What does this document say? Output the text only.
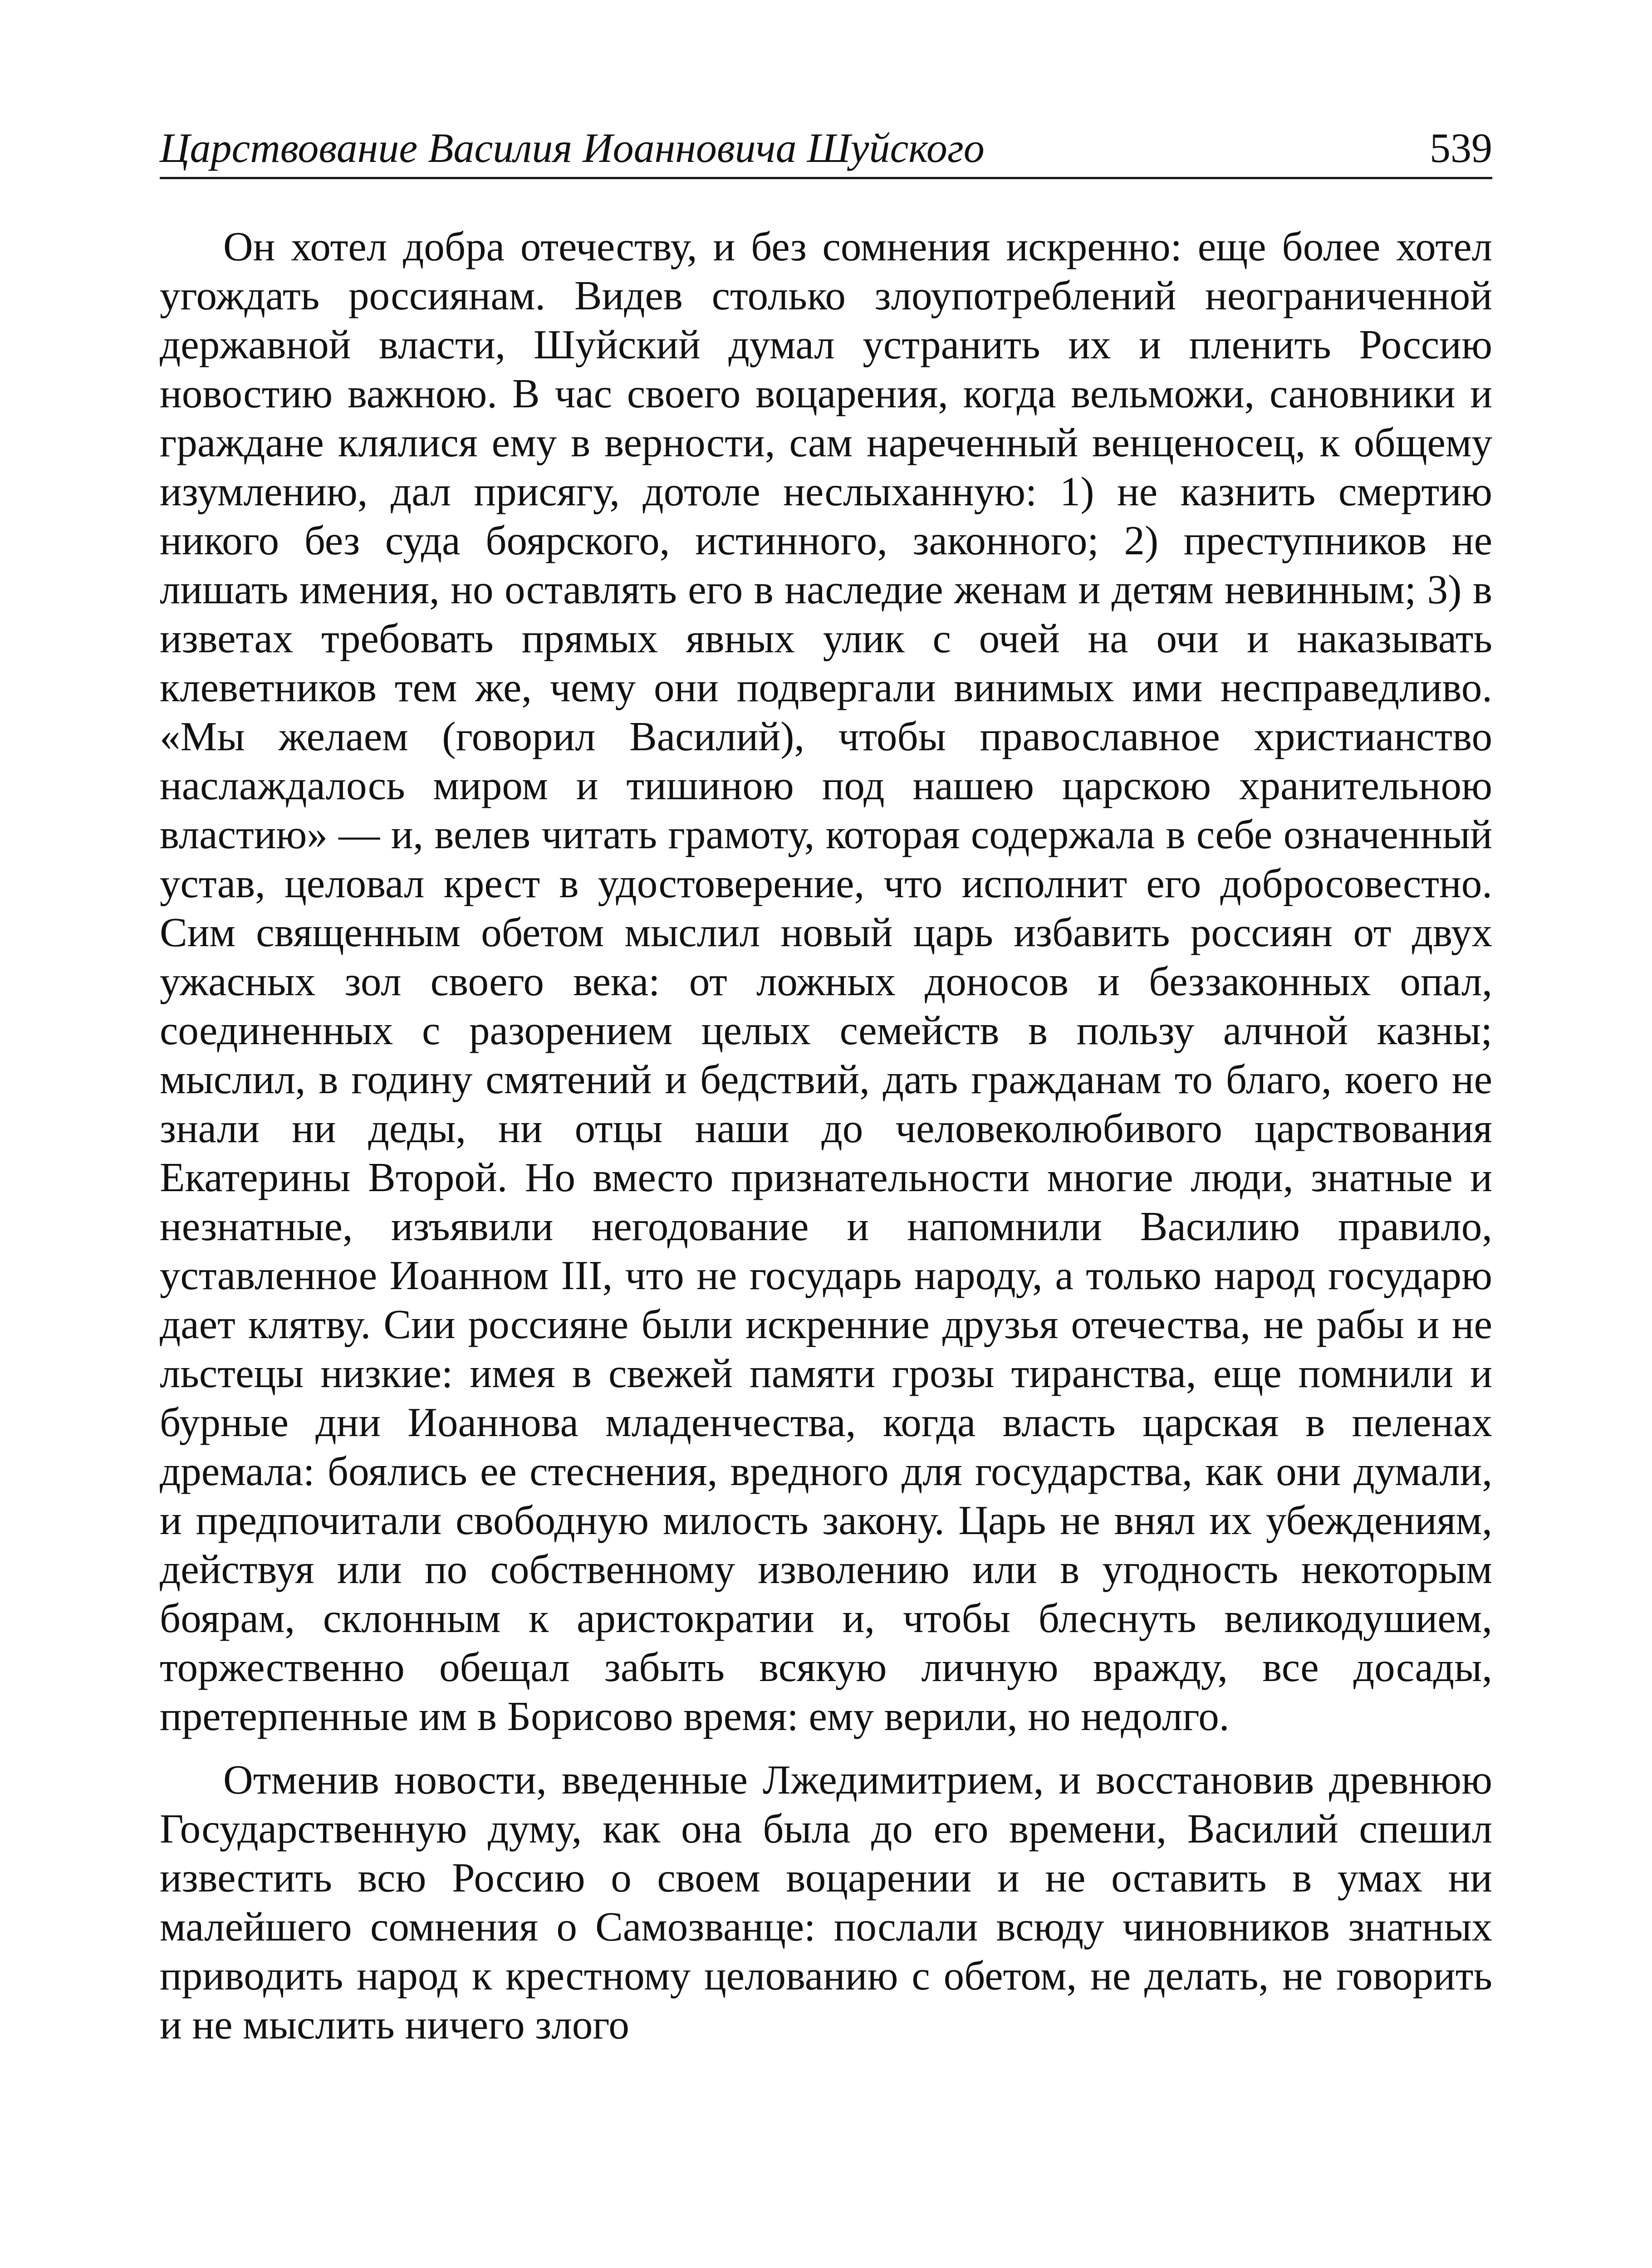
Царствование Василия Иоанновича Шуйского	539

Он хотел добра отечеству, и без сомнения искренно: еще более хотел угождать россиянам. Видев столько злоупотреблений неограниченной державной власти, Шуйский думал устранить их и пленить Россию новостию важною. В час своего воцарения, когда вельможи, сановники и граждане клялися ему в верности, сам нареченный венценосец, к общему изумлению, дал присягу, дотоле неслыханную: 1) не казнить смертию никого без суда боярского, истинного, законного; 2) преступников не лишать имения, но оставлять его в наследие женам и детям невинным; 3) в изветах требовать прямых явных улик с очей на очи и наказывать клеветников тем же, чему они подвергали винимых ими несправедливо. «Мы желаем (говорил Василий), чтобы православное христианство наслаждалось миром и тишиною под нашею царскою хранительною властию» — и, велев читать грамоту, которая содержала в себе означенный устав, целовал крест в удостоверение, что исполнит его добросовестно. Сим священным обетом мыслил новый царь избавить россиян от двух ужасных зол своего века: от ложных доносов и беззаконных опал, соединенных с разорением целых семейств в пользу алчной казны; мыслил, в годину смятений и бедствий, дать гражданам то благо, коего не знали ни деды, ни отцы наши до человеколюбивого царствования Екатерины Второй. Но вместо признательности многие люди, знатные и незнатные, изъявили негодование и напомнили Василию правило, уставленное Иоанном III, что не государь народу, а только народ государю дает клятву. Сии россияне были искренние друзья отечества, не рабы и не льстецы низкие: имея в свежей памяти грозы тиранства, еще помнили и бурные дни Иоаннова младенчества, когда власть царская в пеленах дремала: боялись ее стеснения, вредного для государства, как они думали, и предпочитали свободную милость закону. Царь не внял их убеждениям, действуя или по собственному изволению или в угодность некоторым боярам, склонным к аристократии и, чтобы блеснуть великодушием, торжественно обещал забыть всякую личную вражду, все досады, претерпенные им в Борисово время: ему верили, но недолго.

Отменив новости, введенные Лжедимитрием, и восстановив древнюю Государственную думу, как она была до его времени, Василий спешил известить всю Россию о своем воцарении и не оставить в умах ни малейшего сомнения о Самозванце: послали всюду чиновников знатных приводить народ к крестному целованию с обетом, не делать, не говорить и не мыслить ничего злого
